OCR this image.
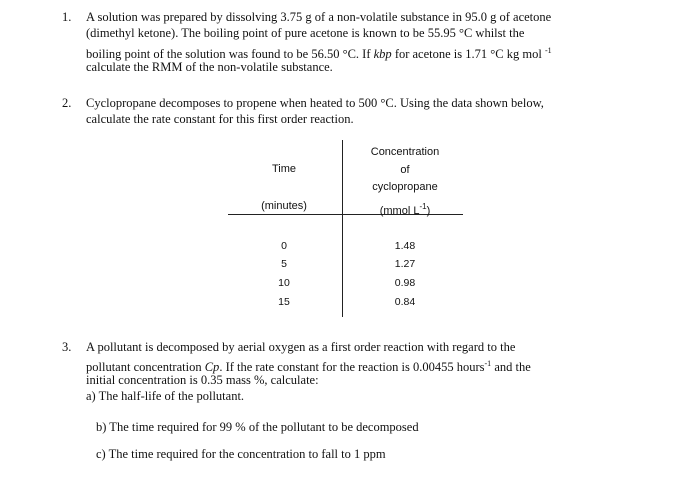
1. A solution was prepared by dissolving 3.75 g of a non-volatile substance in 95.0 g of acetone
(dimethyl ketone). The boiling point of pure acetone is known to be 55.95 °C whilst the
boiling point of the solution was found to be 56.50 °C. If kbp for acetone is 1.71 °C kg mol $^{-1}$
calculate the RMM of the non-volatile substance.
2. Cyclopropane decomposes to propene when heated to 500 °C. Using the data shown below,
calculate the rate constant for this first order reaction.
Time
(minutes)
Concentration
of
cyclopropane
(mmol $L^{-1}$)
0
5
10
15
1.48
1.27
0.98
0.84
3. A pollutant is decomposed by aerial oxygen as a first order reaction with regard to the
pollutant concentration Cp. If the rate constant for the reaction is 0.00455 hours$^{-1}$ and the
initial concentration is 0.35 mass %, calculate:
a) The half-life of the pollutant.
b) The time required for 99 % of the pollutant to be decomposed
c) The time required for the concentration to fall to 1 ppm
